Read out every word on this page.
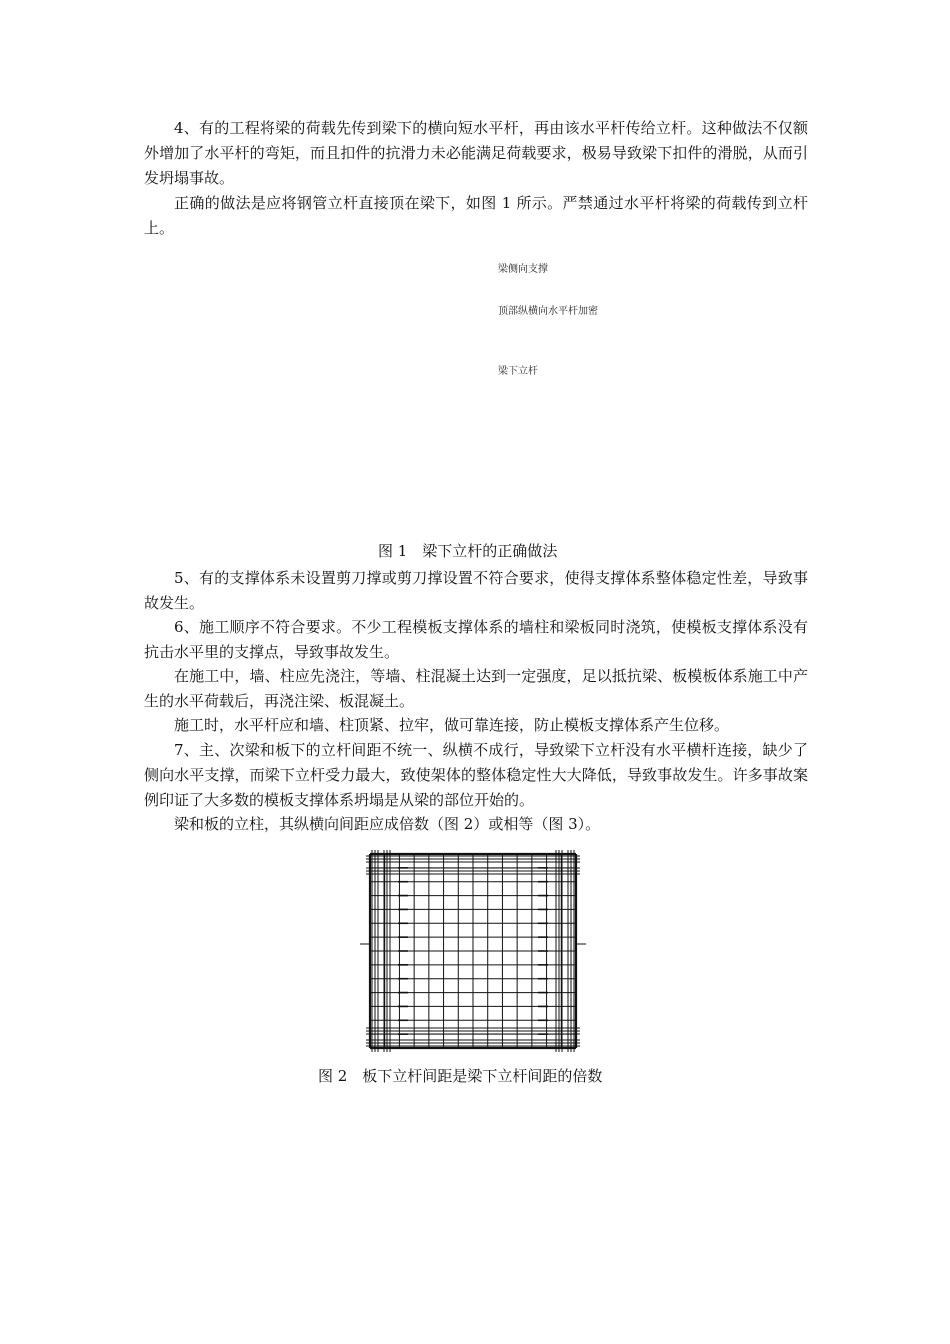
4、有的工程将梁的荷载先传到梁下的横向短水平杆，再由该水平杆传给立杆。这种做法不仅额外增加了水平杆的弯矩，而且扣件的抗滑力未必能满足荷载要求，极易导致梁下扣件的滑脱，从而引发坍塌事故。

正确的做法是应将钢管立杆直接顶在梁下，如图 1 所示。严禁通过水平杆将梁的荷载传到立杆上。

梁侧向支撑
顶部纵横向水平杆加密
梁下立杆
图 1　梁下立杆的正确做法

5、有的支撑体系未设置剪刀撑或剪刀撑设置不符合要求，使得支撑体系整体稳定性差，导致事故发生。

6、施工顺序不符合要求。不少工程模板支撑体系的墙柱和梁板同时浇筑，使模板支撑体系没有抗击水平里的支撑点，导致事故发生。

在施工中，墙、柱应先浇注，等墙、柱混凝土达到一定强度，足以抵抗梁、板模板体系施工中产生的水平荷载后，再浇注梁、板混凝土。

施工时，水平杆应和墙、柱顶紧、拉牢，做可靠连接，防止模板支撑体系产生位移。

7、主、次梁和板下的立杆间距不统一、纵横不成行，导致梁下立杆没有水平横杆连接，缺少了侧向水平支撑，而梁下立杆受力最大，致使架体的整体稳定性大大降低，导致事故发生。许多事故案例印证了大多数的模板支撑体系坍塌是从梁的部位开始的。

梁和板的立柱，其纵横向间距应成倍数（图 2）或相等（图 3）。

图 2　板下立杆间距是梁下立杆间距的倍数
